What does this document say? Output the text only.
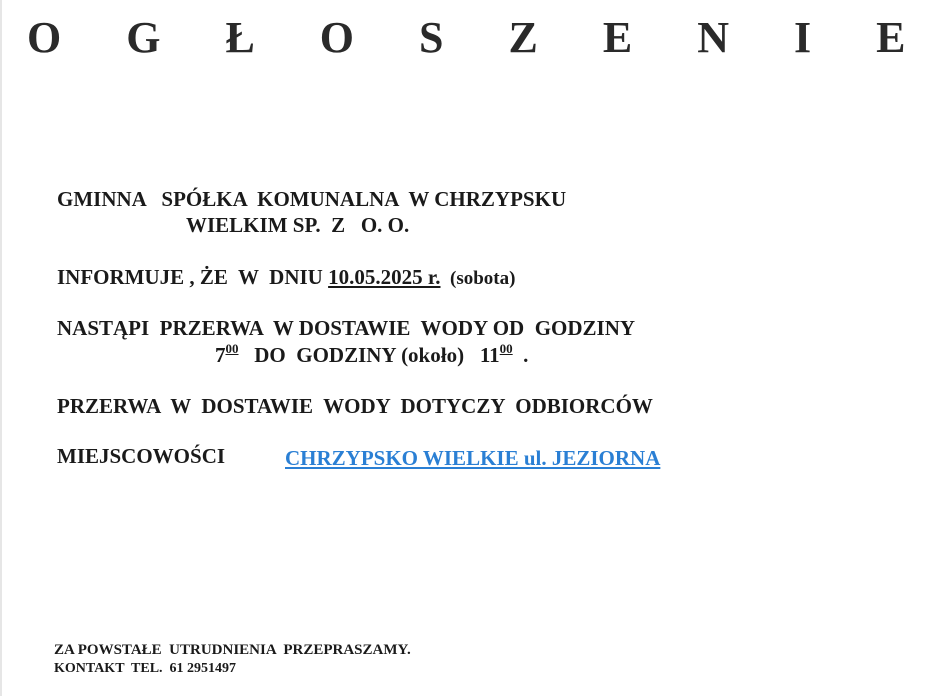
O G Ł O S Z E N I E
GMINNA   SPÓŁKA  KOMUNALNA  W CHRZYPSKU
WIELKIM SP.  Z   O. O.
INFORMUJE , ŻE  W  DNIU 10.05.2025 r.  (sobota)
NASTĄPI  PRZERWA  W DOSTAWIE  WODY OD  GODZINY
$7^{00}$   DO  GODZINY (około)   $11^{00}$  .
PRZERWA  W  DOSTAWIE  WODY  DOTYCZY  ODBIORCÓW
MIEJSCOWOŚCI	CHRZYPSKO WIELKIE ul. JEZIORNA
ZA POWSTAŁE  UTRUDNIENIA  PRZEPRASZAMY.
KONTAKT  TEL.  61 2951497
